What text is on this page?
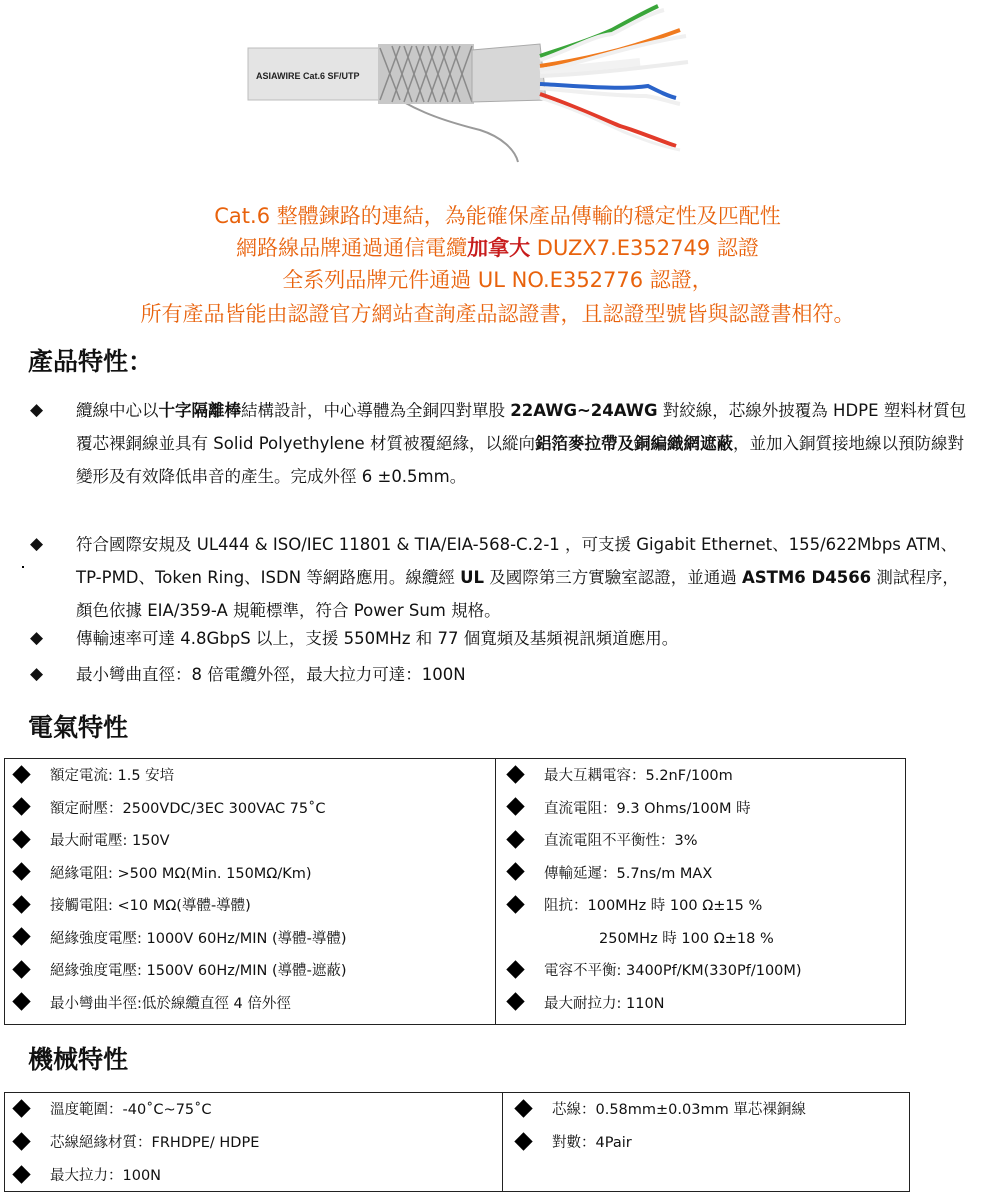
ASIAWIRE Cat.6 SF/UTP
Cat.6 整體鍊路的連結，為能確保產品傳輸的穩定性及匹配性
網路線品牌通過通信電纜加拿大 DUZX7.E352749 認證
全系列品牌元件通過 UL NO.E352776 認證，
所有產品皆能由認證官方網站查詢產品認證書，且認證型號皆與認證書相符。
產品特性：
◆ 纜線中心以十字隔離棒結構設計，中心導體為全銅四對單股 22AWG~24AWG 對絞線，芯線外披覆為 HDPE 塑料材質包覆芯裸銅線並具有 Solid Polyethylene 材質被覆絕緣，以縱向鋁箔麥拉帶及銅編織網遮蔽，並加入銅質接地線以預防線對變形及有效降低串音的產生。完成外徑 6 ±0.5mm。
◆ 符合國際安規及 UL444 & ISO/IEC 11801 & TIA/EIA-568-C.2-1 ，可支援 Gigabit Ethernet、155/622Mbps ATM、TP-PMD、Token Ring、ISDN 等網路應用。線纜經 UL 及國際第三方實驗室認證，並通過 ASTM6 D4566 測試程序，顏色依據 EIA/359-A 規範標準，符合 Power Sum 規格。
◆ 傳輸速率可達 4.8GbpS 以上，支援 550MHz 和 77 個寬頻及基頻視訊頻道應用。
◆ 最小彎曲直徑：8 倍電纜外徑，最大拉力可達：100N
電氣特性
額定電流: 1.5 安培
額定耐壓：2500VDC/3EC 300VAC 75˚C
最大耐電壓: 150V
絕緣電阻: >500 MΩ(Min. 150MΩ/Km)
接觸電阻: <10 MΩ(導體-導體)
絕緣強度電壓: 1000V 60Hz/MIN (導體-導體)
絕緣強度電壓: 1500V 60Hz/MIN (導體-遮蔽)
最小彎曲半徑:低於線纜直徑 4 倍外徑
最大互耦電容：5.2nF/100m
直流電阻：9.3 Ohms/100M 時
直流電阻不平衡性：3%
傳輸延遲：5.7ns/m MAX
阻抗：100MHz 時 100 Ω±15 %
250MHz 時 100 Ω±18 %
電容不平衡: 3400Pf/KM(330Pf/100M)
最大耐拉力: 110N
機械特性
溫度範圍：-40˚C~75˚C
芯線絕緣材質：FRHDPE/ HDPE
最大拉力：100N
芯線：0.58mm±0.03mm 單芯裸銅線
對數：4Pair
